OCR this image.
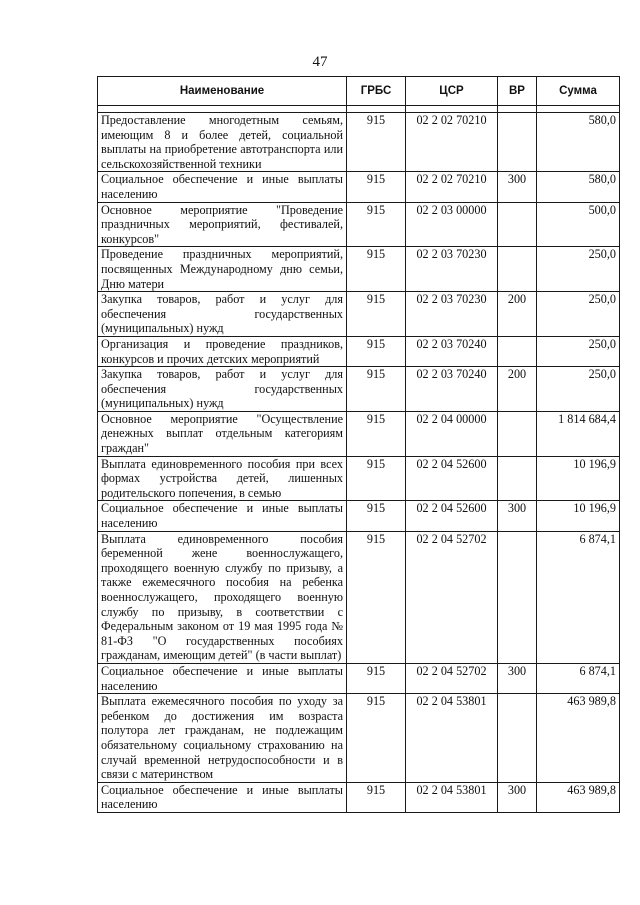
47
Наименование	ГРБС	ЦСР	ВР	Сумма

Предоставление многодетным семьям, имеющим 8 и более детей, социальной выплаты на приобретение автотранспорта или сельскохозяйственной техники	915	02 2 02 70210		580,0
Социальное обеспечение и иные выплаты населению	915	02 2 02 70210	300	580,0
Основное мероприятие "Проведение праздничных мероприятий, фестивалей, конкурсов"	915	02 2 03 00000		500,0
Проведение праздничных мероприятий, посвященных Международному дню семьи, Дню матери	915	02 2 03 70230		250,0
Закупка товаров, работ и услуг для обеспечения государственных (муниципальных) нужд	915	02 2 03 70230	200	250,0
Организация и проведение праздников, конкурсов и прочих детских мероприятий	915	02 2 03 70240		250,0
Закупка товаров, работ и услуг для обеспечения государственных (муниципальных) нужд	915	02 2 03 70240	200	250,0
Основное мероприятие "Осуществление денежных выплат отдельным категориям граждан"	915	02 2 04 00000		1 814 684,4
Выплата единовременного пособия при всех формах устройства детей, лишенных родительского попечения, в семью	915	02 2 04 52600		10 196,9
Социальное обеспечение и иные выплаты населению	915	02 2 04 52600	300	10 196,9
Выплата единовременного пособия беременной жене военнослужащего, проходящего военную службу по призыву, а также ежемесячного пособия на ребенка военнослужащего, проходящего военную службу по призыву, в соответствии с Федеральным законом от 19 мая 1995 года № 81-ФЗ "О государственных пособиях гражданам, имеющим детей" (в части выплат)	915	02 2 04 52702		6 874,1
Социальное обеспечение и иные выплаты населению	915	02 2 04 52702	300	6 874,1
Выплата ежемесячного пособия по уходу за ребенком до достижения им возраста полутора лет гражданам, не подлежащим обязательному социальному страхованию на случай временной нетрудоспособности и в связи с материнством	915	02 2 04 53801		463 989,8
Социальное обеспечение и иные выплаты населению	915	02 2 04 53801	300	463 989,8
